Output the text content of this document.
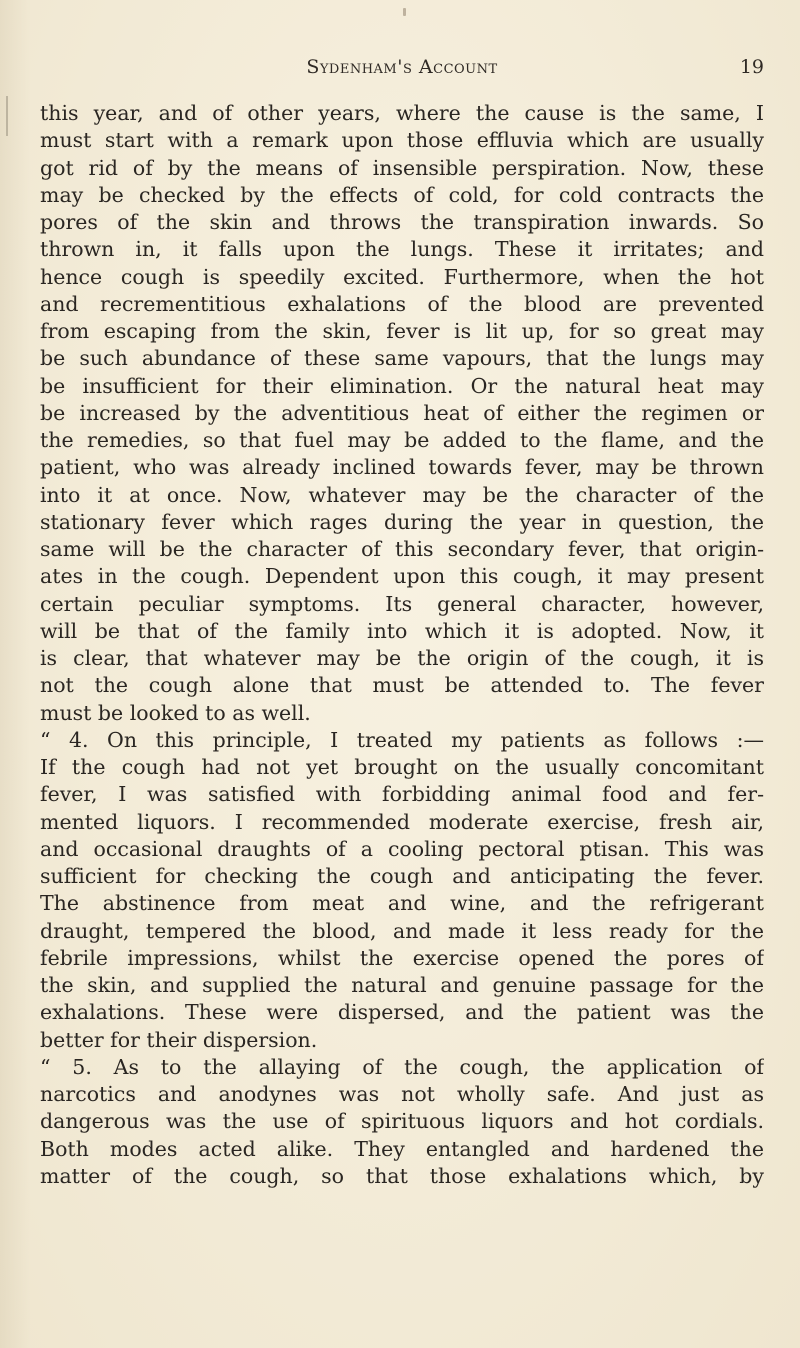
Sydenham's Account	19
this year, and of other years, where the cause is the same, I
must start with a remark upon those effluvia which are usually
got rid of by the means of insensible perspiration. Now, these
may be checked by the effects of cold, for cold contracts the
pores of the skin and throws the transpiration inwards. So
thrown in, it falls upon the lungs. These it irritates; and
hence cough is speedily excited. Furthermore, when the hot
and recrementitious exhalations of the blood are prevented
from escaping from the skin, fever is lit up, for so great may
be such abundance of these same vapours, that the lungs may
be insufficient for their elimination. Or the natural heat may
be increased by the adventitious heat of either the regimen or
the remedies, so that fuel may be added to the flame, and the
patient, who was already inclined towards fever, may be thrown
into it at once. Now, whatever may be the character of the
stationary fever which rages during the year in question, the
same will be the character of this secondary fever, that origin-
ates in the cough. Dependent upon this cough, it may present
certain peculiar symptoms. Its general character, however,
will be that of the family into which it is adopted. Now, it
is clear, that whatever may be the origin of the cough, it is
not the cough alone that must be attended to. The fever
must be looked to as well.
“ 4. On this principle, I treated my patients as follows :—
If the cough had not yet brought on the usually concomitant
fever, I was satisfied with forbidding animal food and fer-
mented liquors. I recommended moderate exercise, fresh air,
and occasional draughts of a cooling pectoral ptisan. This was
sufficient for checking the cough and anticipating the fever.
The abstinence from meat and wine, and the refrigerant
draught, tempered the blood, and made it less ready for the
febrile impressions, whilst the exercise opened the pores of
the skin, and supplied the natural and genuine passage for the
exhalations. These were dispersed, and the patient was the
better for their dispersion.
“ 5. As to the allaying of the cough, the application of
narcotics and anodynes was not wholly safe. And just as
dangerous was the use of spirituous liquors and hot cordials.
Both modes acted alike. They entangled and hardened the
matter of the cough, so that those exhalations which, by
